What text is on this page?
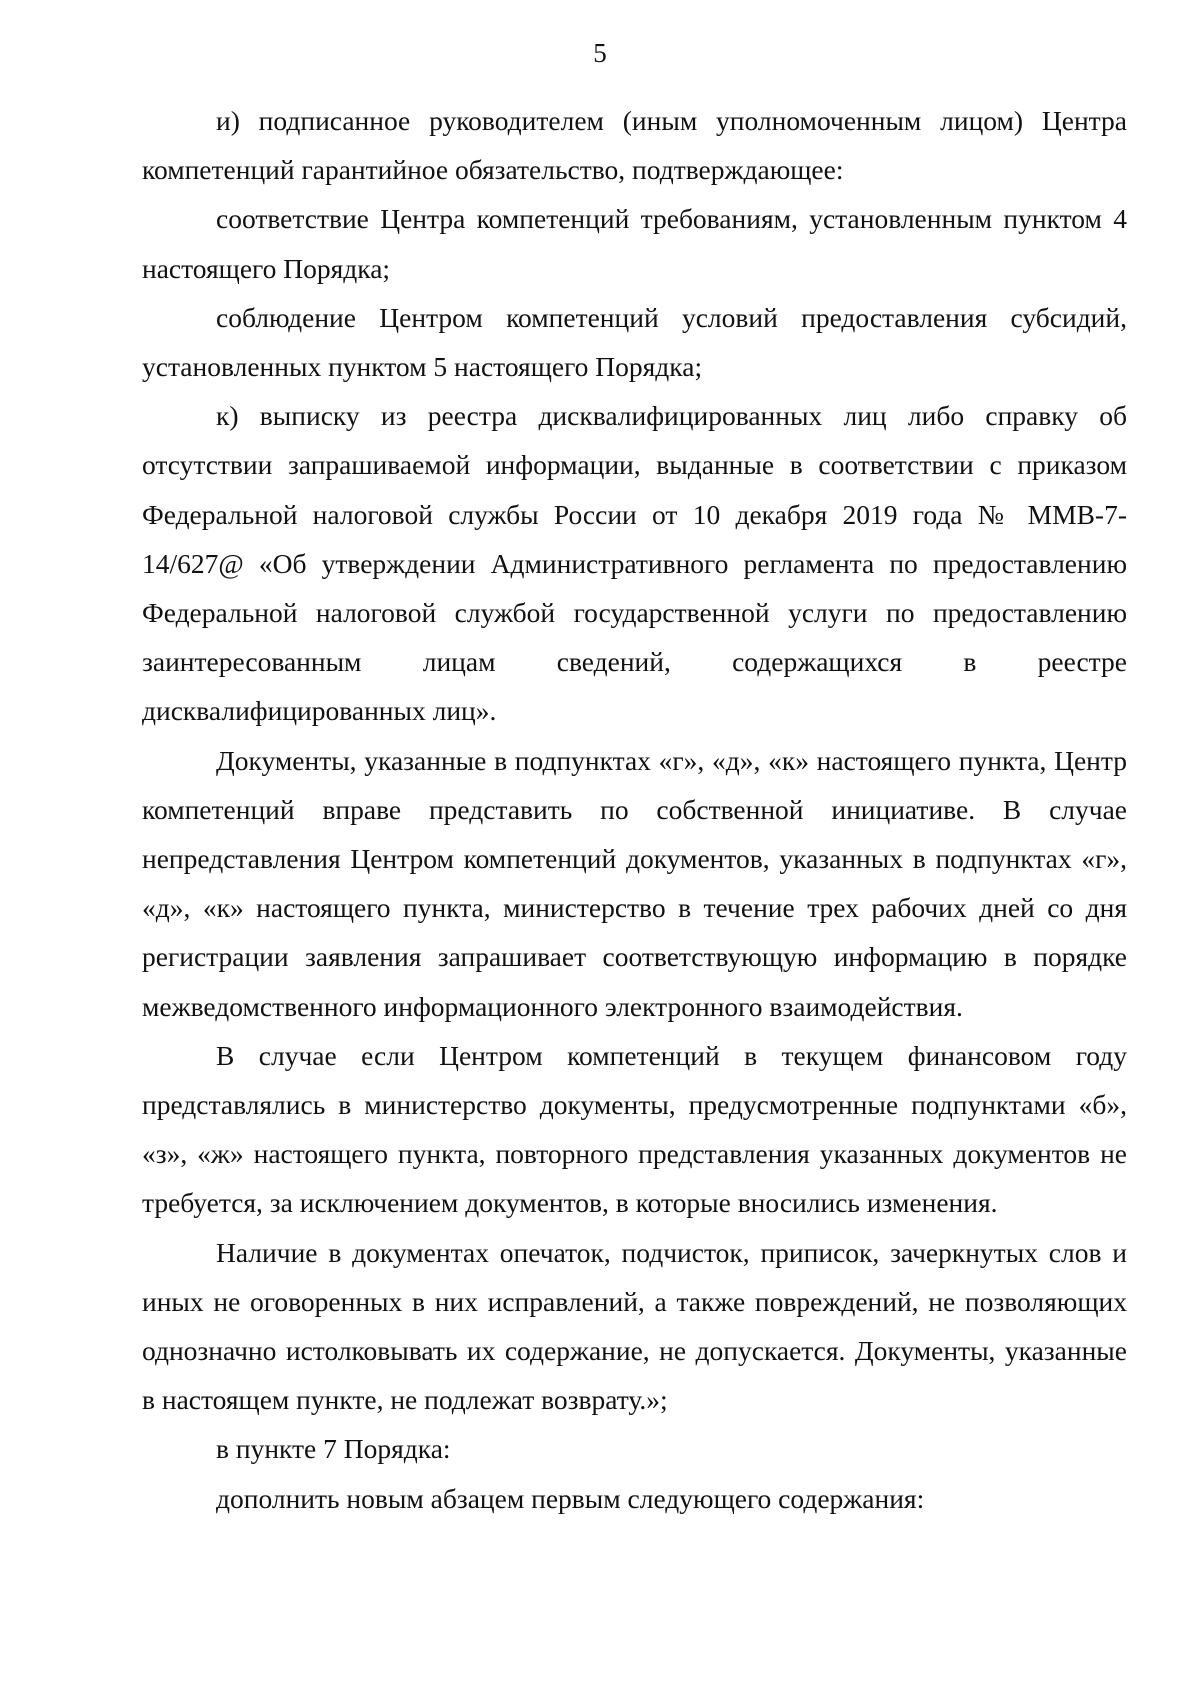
5

и) подписанное руководителем (иным уполномоченным лицом) Центра компетенций гарантийное обязательство, подтверждающее:

соответствие Центра компетенций требованиям, установленным пунктом 4 настоящего Порядка;

соблюдение Центром компетенций условий предоставления субсидий, установленных пунктом 5 настоящего Порядка;

к) выписку из реестра дисквалифицированных лиц либо справку об отсутствии запрашиваемой информации, выданные в соответствии с приказом Федеральной налоговой службы России от 10 декабря 2019 года № ММВ-7-14/627@ «Об утверждении Административного регламента по предоставлению Федеральной налоговой службой государственной услуги по предоставлению заинтересованным лицам сведений, содержащихся в реестре дисквалифицированных лиц».

Документы, указанные в подпунктах «г», «д», «к» настоящего пункта, Центр компетенций вправе представить по собственной инициативе. В случае непредставления Центром компетенций документов, указанных в подпунктах «г», «д», «к» настоящего пункта, министерство в течение трех рабочих дней со дня регистрации заявления запрашивает соответствующую информацию в порядке межведомственного информационного электронного взаимодействия.

В случае если Центром компетенций в текущем финансовом году представлялись в министерство документы, предусмотренные подпунктами «б», «з», «ж» настоящего пункта, повторного представления указанных документов не требуется, за исключением документов, в которые вносились изменения.

Наличие в документах опечаток, подчисток, приписок, зачеркнутых слов и иных не оговоренных в них исправлений, а также повреждений, не позволяющих однозначно истолковывать их содержание, не допускается. Документы, указанные в настоящем пункте, не подлежат возврату.»;

в пункте 7 Порядка:

дополнить новым абзацем первым следующего содержания:
